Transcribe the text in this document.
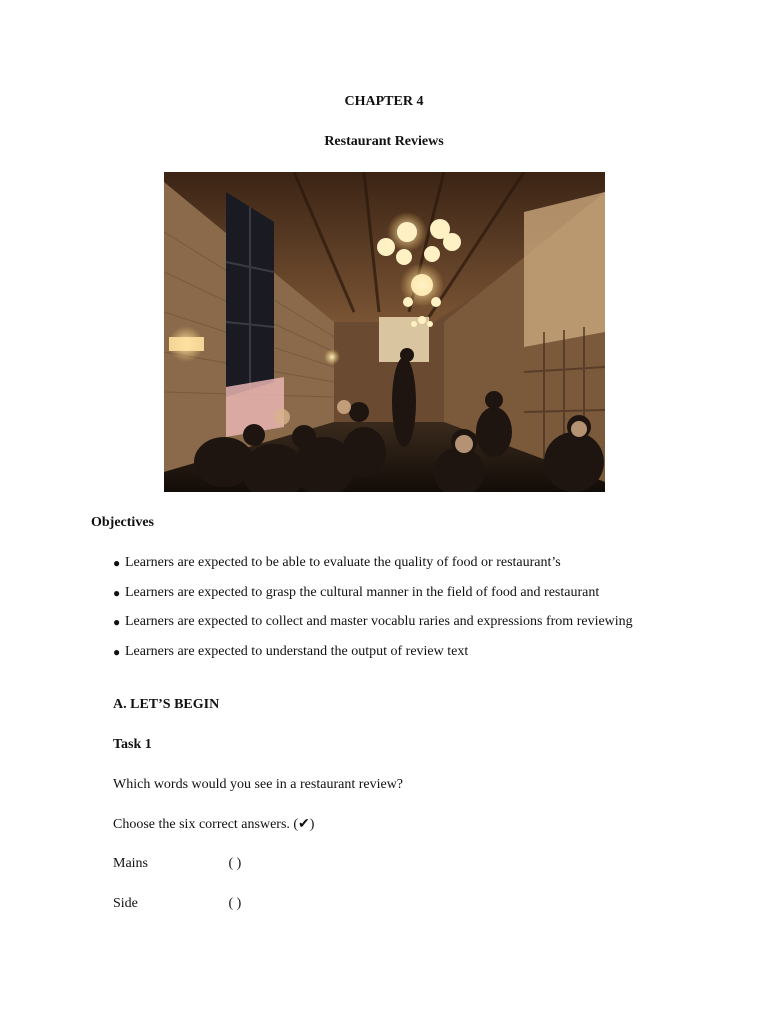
CHAPTER 4
Restaurant Reviews
Objectives
● Learners are expected to be able to evaluate the quality of food or restaurant’s
● Learners are expected to grasp the cultural manner in the field of food and restaurant
● Learners are expected to collect and master vocablu raries and expressions from reviewing
● Learners are expected to understand the output of review text
A. LET’S BEGIN
Task 1
Which words would you see in a restaurant review?
Choose the six correct answers. (✔)
Mains	( )
Side	( )
